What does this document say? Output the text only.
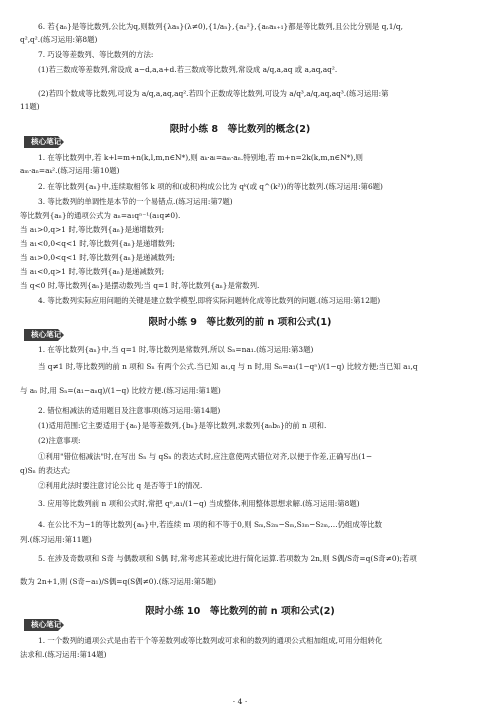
6. 若{aₙ}是等比数列,公比为q,则数列{λaₙ}(λ≠0),{1/aₙ},{aₙ²},{aₙaₙ₊₁}都是等比数列,且公比分别是 q,1/q,
q²,q².(练习运用:第8题)
7. 巧设等差数列、等比数列的方法:
(1)若三数成等差数列,常设成 a−d,a,a+d.若三数成等比数列,常设成 a/q,a,aq 或 a,aq,aq².
(2)若四个数成等比数列,可设为 a/q,a,aq,aq².若四个正数成等比数列,可设为 a/q³,a/q,aq,aq³.(练习运用:第
11题)
限时小练 8　等比数列的概念(2)
核心笔记
1. 在等比数列中,若 k+l=m+n(k,l,m,n∈N*),则 aₖ·aₗ=aₘ·aₙ.特别地,若 m+n=2k(k,m,n∈N*),则
aₘ·aₙ=aₖ².(练习运用:第10题)
2. 在等比数列{aₙ}中,连续取相邻 k 项的和(或积)构成公比为 qᵏ(或 q^(k²))的等比数列.(练习运用:第6题)
3. 等比数列的单调性是本节的一个易错点.(练习运用:第7题)
等比数列{aₙ}的通项公式为 aₙ=a₁qⁿ⁻¹(a₁q≠0).
当 a₁>0,q>1 时,等比数列{aₙ}是递增数列;
当 a₁<0,0<q<1 时,等比数列{aₙ}是递增数列;
当 a₁>0,0<q<1 时,等比数列{aₙ}是递减数列;
当 a₁<0,q>1 时,等比数列{aₙ}是递减数列;
当 q<0 时,等比数列{aₙ}是摆动数列;当 q=1 时,等比数列{aₙ}是常数列.
4. 等比数列实际应用问题的关键是建立数学模型,即将实际问题转化成等比数列的问题.(练习运用:第12题)
限时小练 9　等比数列的前 n 项和公式(1)
核心笔记
1. 在等比数列{aₙ}中,当 q=1 时,等比数列是常数列,所以 Sₙ=na₁.(练习运用:第3题)
当 q≠1 时,等比数列的前 n 项和 Sₙ 有两个公式.当已知 a₁,q 与 n 时,用 Sₙ=a₁(1−qⁿ)/(1−q) 比较方便;当已知 a₁,q
与 aₙ 时,用 Sₙ=(a₁−aₙq)/(1−q) 比较方便.(练习运用:第1题)
2. 错位相减法的适用题目及注意事项(练习运用:第14题)
(1)适用范围:它主要适用于{aₙ}是等差数列,{bₙ}是等比数列,求数列{aₙbₙ}的前 n 项和.
(2)注意事项:
①利用"错位相减法"时,在写出 Sₙ 与 qSₙ 的表达式时,应注意使两式错位对齐,以便于作差,正确写出(1−
q)Sₙ 的表达式;
②利用此法时要注意讨论公比 q 是否等于1的情况.
3. 应用等比数列前 n 项和公式时,常把 qⁿ,a₁/(1−q) 当成整体,利用整体思想求解.(练习运用:第8题)
4. 在公比不为−1的等比数列{aₙ}中,若连续 m 项的和不等于0,则 Sₘ,S₂ₘ−Sₘ,S₃ₘ−S₂ₘ,…仍组成等比数
列.(练习运用:第11题)
5. 在涉及奇数项和 S奇 与偶数项和 S偶 时,常考虑其差或比进行简化运算.若项数为 2n,则 S偶/S奇=q(S奇≠0);若项
数为 2n+1,则 (S奇−a₁)/S偶=q(S偶≠0).(练习运用:第5题)
限时小练 10　等比数列的前 n 项和公式(2)
核心笔记
1. 一个数列的通项公式是由若干个等差数列或等比数列或可求和的数列的通项公式相加组成,可用分组转化
法求和.(练习运用:第14题)
· 4 ·
